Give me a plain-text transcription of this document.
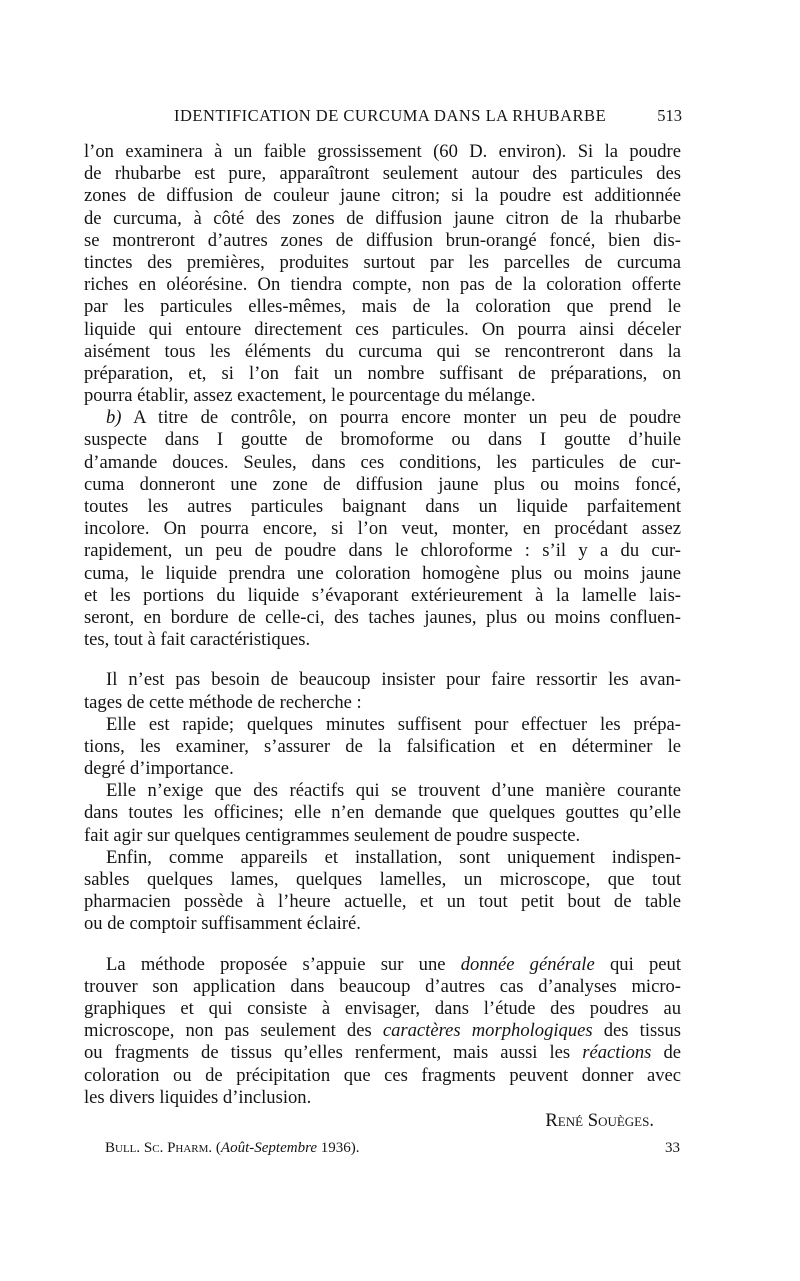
IDENTIFICATION DE CURCUMA DANS LA RHUBARBE	513
l’on examinera à un faible grossissement (60 D. environ). Si la poudre
de rhubarbe est pure, apparaîtront seulement autour des particules des
zones de diffusion de couleur jaune citron; si la poudre est additionnée
de curcuma, à côté des zones de diffusion jaune citron de la rhubarbe
se montreront d’autres zones de diffusion brun-orangé foncé, bien dis-
tinctes des premières, produites surtout par les parcelles de curcuma
riches en oléorésine. On tiendra compte, non pas de la coloration offerte
par les particules elles-mêmes, mais de la coloration que prend le
liquide qui entoure directement ces particules. On pourra ainsi déceler
aisément tous les éléments du curcuma qui se rencontreront dans la
préparation, et, si l’on fait un nombre suffisant de préparations, on
pourra établir, assez exactement, le pourcentage du mélange.
b) A titre de contrôle, on pourra encore monter un peu de poudre
suspecte dans I goutte de bromoforme ou dans I goutte d’huile
d’amande douces. Seules, dans ces conditions, les particules de cur-
cuma donneront une zone de diffusion jaune plus ou moins foncé,
toutes les autres particules baignant dans un liquide parfaitement
incolore. On pourra encore, si l’on veut, monter, en procédant assez
rapidement, un peu de poudre dans le chloroforme : s’il y a du cur-
cuma, le liquide prendra une coloration homogène plus ou moins jaune
et les portions du liquide s’évaporant extérieurement à la lamelle lais-
seront, en bordure de celle-ci, des taches jaunes, plus ou moins confluen-
tes, tout à fait caractéristiques.
Il n’est pas besoin de beaucoup insister pour faire ressortir les avan-
tages de cette méthode de recherche :
Elle est rapide; quelques minutes suffisent pour effectuer les prépa-
tions, les examiner, s’assurer de la falsification et en déterminer le
degré d’importance.
Elle n’exige que des réactifs qui se trouvent d’une manière courante
dans toutes les officines; elle n’en demande que quelques gouttes qu’elle
fait agir sur quelques centigrammes seulement de poudre suspecte.
Enfin, comme appareils et installation, sont uniquement indispen-
sables quelques lames, quelques lamelles, un microscope, que tout
pharmacien possède à l’heure actuelle, et un tout petit bout de table
ou de comptoir suffisamment éclairé.
La méthode proposée s’appuie sur une donnée générale qui peut
trouver son application dans beaucoup d’autres cas d’analyses micro-
graphiques et qui consiste à envisager, dans l’étude des poudres au
microscope, non pas seulement des caractères morphologiques des tissus
ou fragments de tissus qu’elles renferment, mais aussi les réactions de
coloration ou de précipitation que ces fragments peuvent donner avec
les divers liquides d’inclusion.
René Souèges.
Bull. Sc. Pharm. (Août-Septembre 1936).	33
